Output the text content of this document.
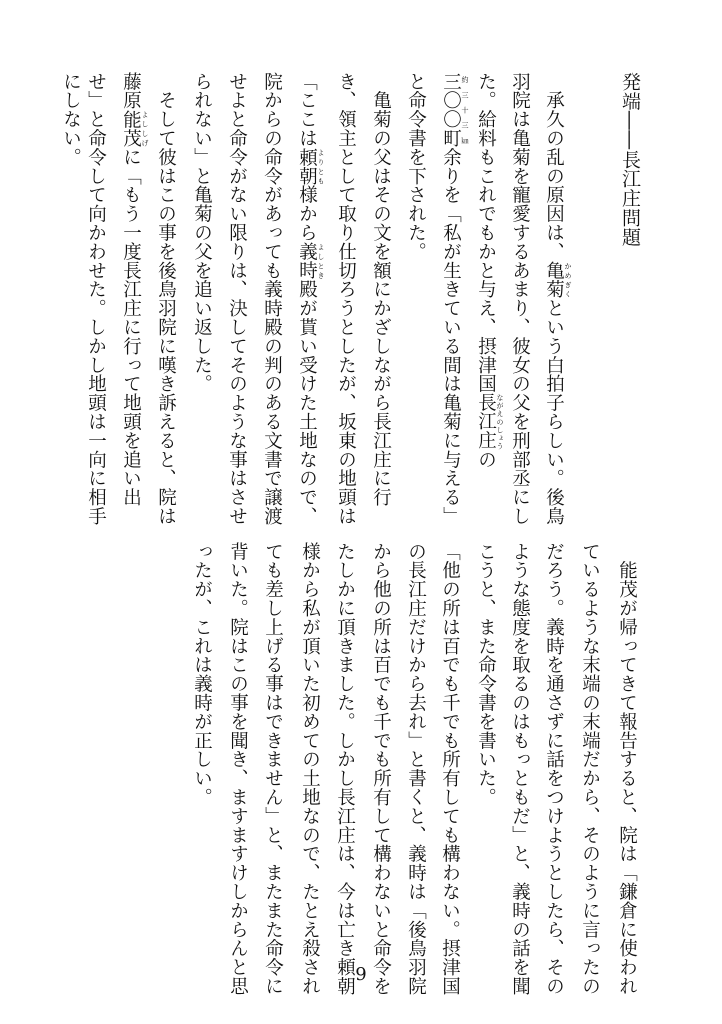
発端――長江庄問題
　承久の乱の原因は、亀菊 かめぎくという白拍子らしい。後鳥
羽院は亀菊を寵愛するあまり、彼女の父を刑部丞にし
た。給料もこれでもかと与え、摂津国長江庄 ながえのしょうの
三〇〇町 約三十三㎞余りを「私が生きている間は亀菊に与える」
と命令書を下された。
　亀菊の父はその文を額にかざしながら長江庄に行
き、領主として取り仕切ろうとしたが、坂東の地頭は
「ここは頼朝 よりとも様から義時 よしとき殿が貰い受けた土地なので、
院からの命令があっても義時殿の判のある文書で譲渡
せよと命令がない限りは、決してそのような事はさせ
られない」と亀菊の父を追い返した。
　そして彼はこの事を後鳥羽院に嘆き訴えると、院は
藤原能茂 よししげに「もう一度長江庄に行って地頭を追い出
せ」と命令して向かわせた。しかし地頭は一向に相手
にしない。
　能茂が帰ってきて報告すると、院は「鎌倉に使われ
ているような末端の末端だから、そのように言ったの
だろう。義時を通さずに話をつけようとしたら、その
ような態度を取るのはもっともだ」と、義時の話を聞
こうと、また命令書を書いた。
「他の所は百でも千でも所有しても構わない。摂津国
の長江庄だけから去れ」と書くと、義時は「後鳥羽院
から他の所は百でも千でも所有して構わないと命令を
たしかに頂きました。しかし長江庄は、今は亡き頼朝
様から私が頂いた初めての土地なので、たとえ殺され
ても差し上げる事はできません」と、またまた命令に
背いた。院はこの事を聞き、ますますけしからんと思
ったが、これは義時が正しい。
9
